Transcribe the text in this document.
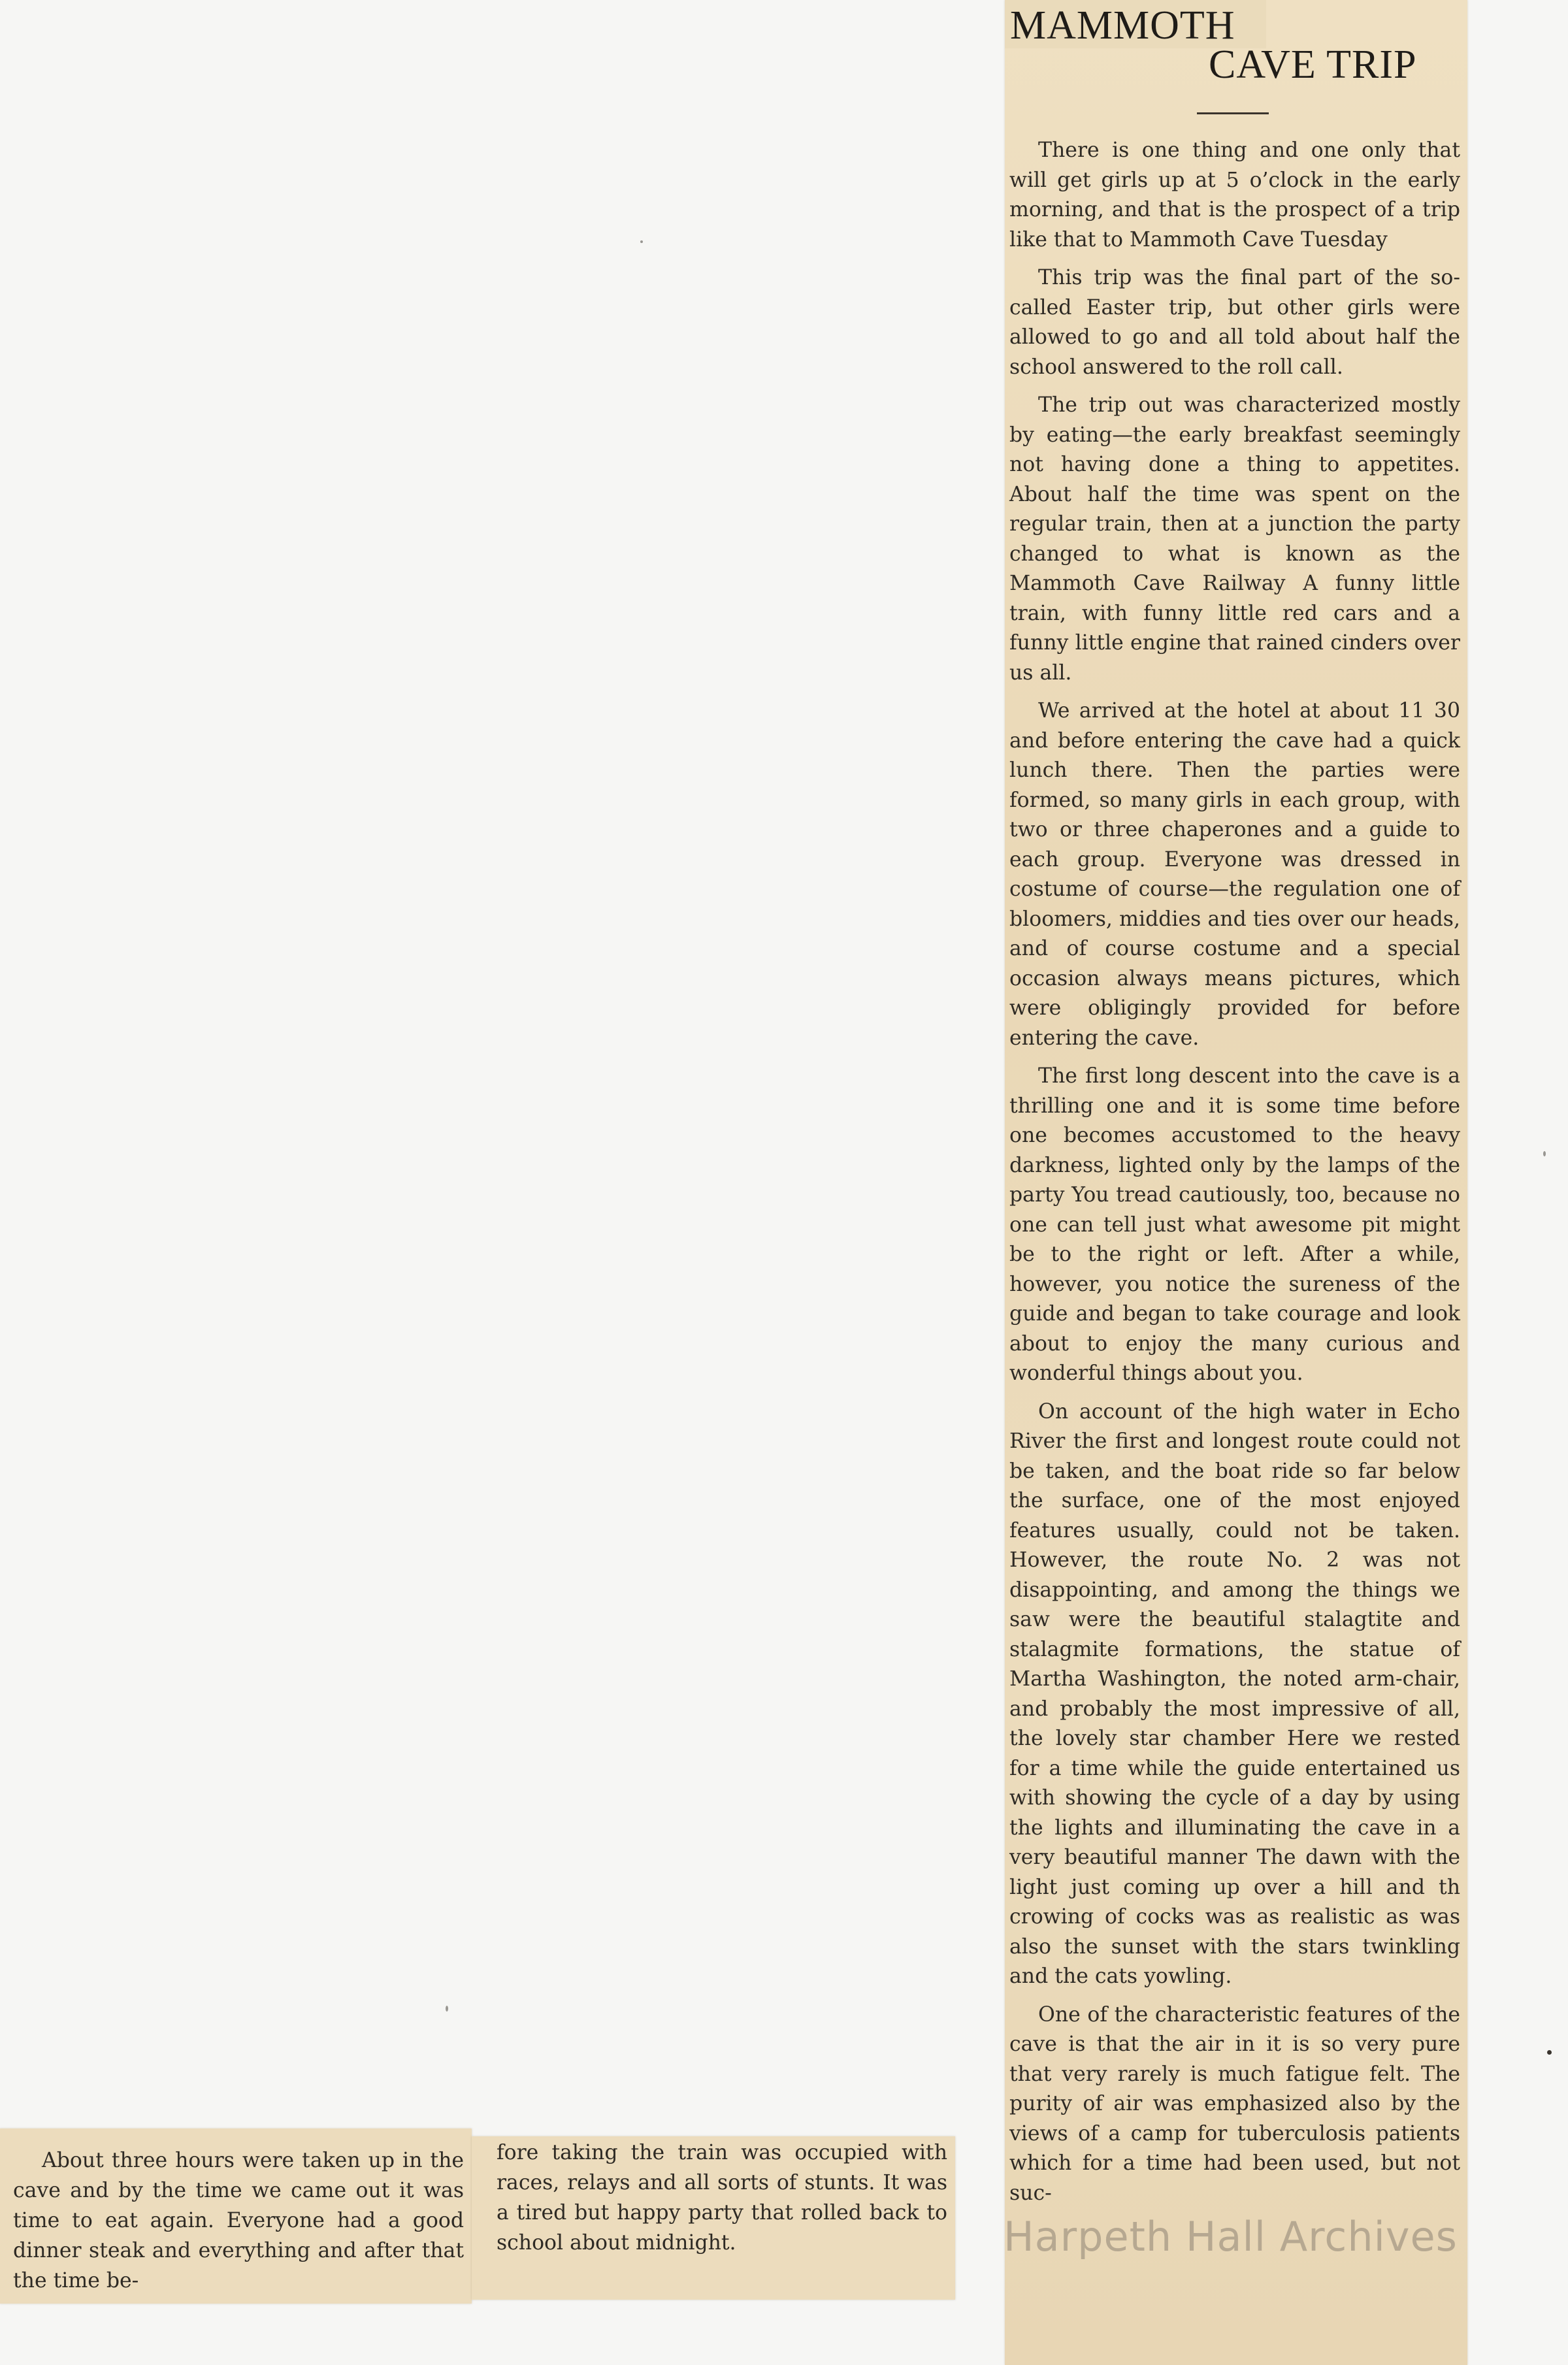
MAMMOTH
CAVE TRIP

There is one thing and one only that will get girls up at 5 o’clock in the early morning, and that is the prospect of a trip like that to Mammoth Cave Tuesday

This trip was the final part of the so-called Easter trip, but other girls were allowed to go and all told about half the school answered to the roll call.

The trip out was characterized mostly by eating—the early breakfast seemingly not having done a thing to appetites. About half the time was spent on the regular train, then at a junction the party changed to what is known as the Mammoth Cave Railway A funny little train, with funny little red cars and a funny little engine that rained cinders over us all.

We arrived at the hotel at about 11 30 and before entering the cave had a quick lunch there. Then the parties were formed, so many girls in each group, with two or three chaperones and a guide to each group. Everyone was dressed in costume of course—the regulation one of bloomers, middies and ties over our heads, and of course costume and a special occasion always means pictures, which were obligingly provided for before entering the cave.

The first long descent into the cave is a thrilling one and it is some time before one becomes accustomed to the heavy darkness, lighted only by the lamps of the party You tread cautiously, too, because no one can tell just what awesome pit might be to the right or left. After a while, however, you notice the sureness of the guide and began to take courage and look about to enjoy the many curious and wonderful things about you.

On account of the high water in Echo River the first and longest route could not be taken, and the boat ride so far below the surface, one of the most enjoyed features usually, could not be taken. However, the route No. 2 was not disappointing, and among the things we saw were the beautiful stalagtite and stalagmite formations, the statue of Martha Washington, the noted arm-chair, and probably the most impressive of all, the lovely star chamber Here we rested for a time while the guide entertained us with showing the cycle of a day by using the lights and illuminating the cave in a very beautiful manner The dawn with the light just coming up over a hill and th crowing of cocks was as realistic as was also the sunset with the stars twinkling and the cats yowling.

One of the characteristic features of the cave is that the air in it is so very pure that very rarely is much fatigue felt. The purity of air was emphasized also by the views of a camp for tuberculosis patients which for a time had been used, but not suc-

About three hours were taken up in the cave and by the time we came out it was time to eat again. Everyone had a good dinner steak and everything and after that the time be-

fore taking the train was occupied with races, relays and all sorts of stunts. It was a tired but happy party that rolled back to school about midnight.	Harpeth Hall Archives
